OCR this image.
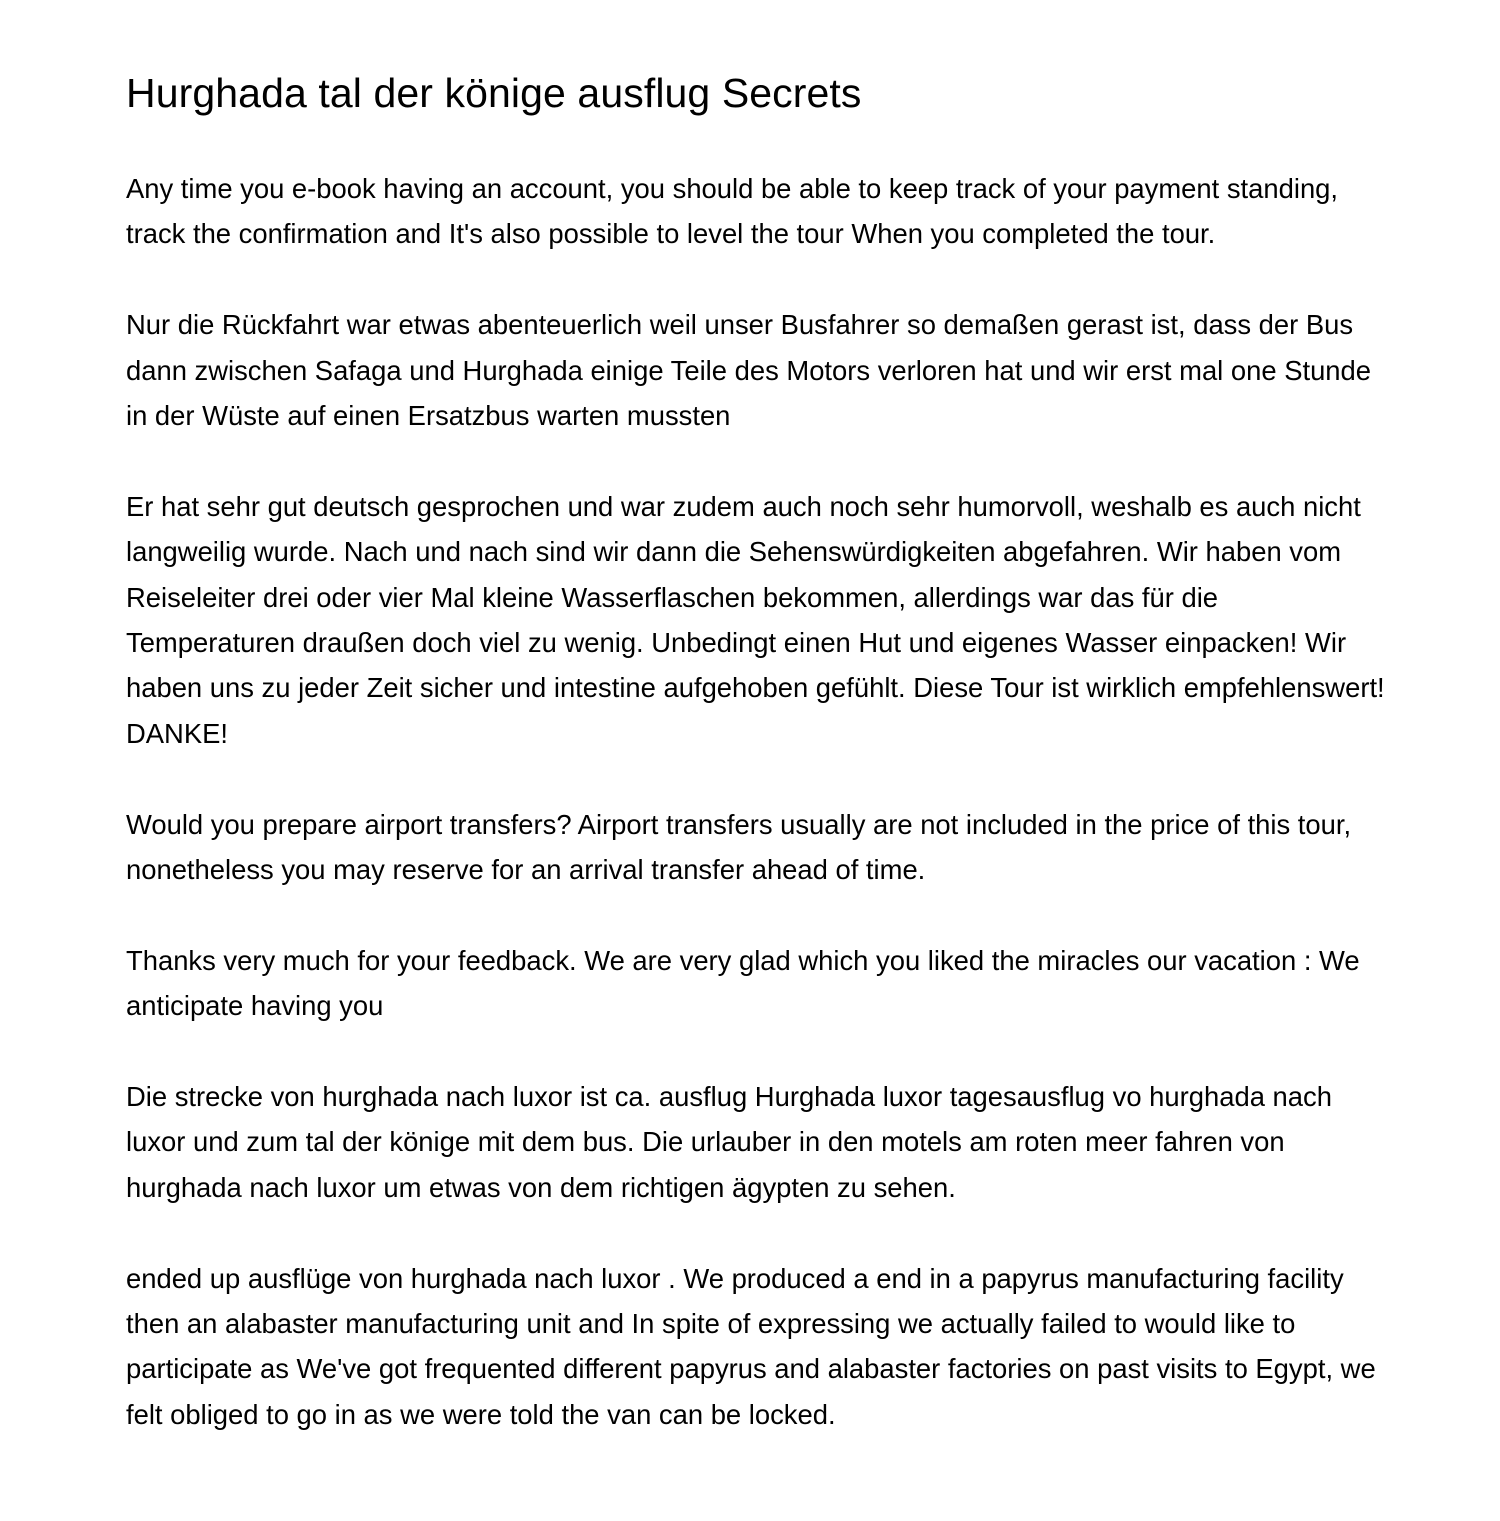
Hurghada tal der könige ausflug Secrets

Any time you e-book having an account, you should be able to keep track of your payment standing, track the confirmation and It's also possible to level the tour When you completed the tour.

Nur die Rückfahrt war etwas abenteuerlich weil unser Busfahrer so demaßen gerast ist, dass der Bus dann zwischen Safaga und Hurghada einige Teile des Motors verloren hat und wir erst mal one Stunde in der Wüste auf einen Ersatzbus warten mussten

Er hat sehr gut deutsch gesprochen und war zudem auch noch sehr humorvoll, weshalb es auch nicht langweilig wurde. Nach und nach sind wir dann die Sehenswürdigkeiten abgefahren. Wir haben vom Reiseleiter drei oder vier Mal kleine Wasserflaschen bekommen, allerdings war das für die Temperaturen draußen doch viel zu wenig. Unbedingt einen Hut und eigenes Wasser einpacken! Wir haben uns zu jeder Zeit sicher und intestine aufgehoben gefühlt. Diese Tour ist wirklich empfehlenswert! DANKE!

Would you prepare airport transfers? Airport transfers usually are not included in the price of this tour, nonetheless you may reserve for an arrival transfer ahead of time.

Thanks very much for your feedback. We are very glad which you liked the miracles our vacation : We anticipate having you

Die strecke von hurghada nach luxor ist ca. ausflug Hurghada luxor tagesausflug vo hurghada nach luxor und zum tal der könige mit dem bus. Die urlauber in den motels am roten meer fahren von hurghada nach luxor um etwas von dem richtigen ägypten zu sehen.

ended up ausflüge von hurghada nach luxor . We produced a end in a papyrus manufacturing facility then an alabaster manufacturing unit and In spite of expressing we actually failed to would like to participate as We've got frequented different papyrus and alabaster factories on past visits to Egypt, we felt obliged to go in as we were told the van can be locked.
